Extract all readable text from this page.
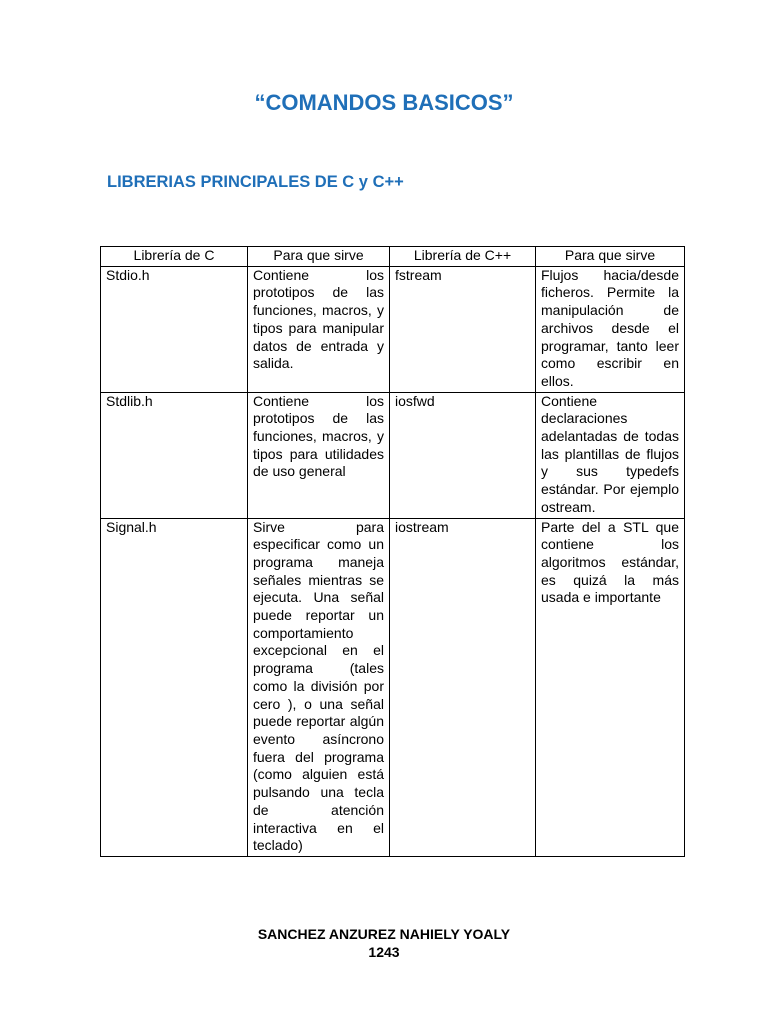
“COMANDOS BASICOS”
LIBRERIAS PRINCIPALES DE C y C++
Librería de C	Para que sirve	Librería de C++	Para que sirve
Stdio.h	Contiene los prototipos de las funciones, macros, y tipos para manipular datos de entrada y salida.	fstream	Flujos hacia/desde ficheros. Permite la manipulación de archivos desde el programar, tanto leer como escribir en ellos.
Stdlib.h	Contiene los prototipos de las funciones, macros, y tipos para utilidades de uso general	iosfwd	Contiene declaraciones adelantadas de todas las plantillas de flujos y sus typedefs estándar. Por ejemplo ostream.
Signal.h	Sirve para especificar como un programa maneja señales mientras se ejecuta. Una señal puede reportar un comportamiento excepcional en el programa (tales como la división por cero ), o una señal puede reportar algún evento asíncrono fuera del programa (como alguien está pulsando una tecla de atención interactiva en el teclado)	iostream	Parte del a STL que contiene los algoritmos estándar, es quizá la más usada e importante
SANCHEZ ANZUREZ NAHIELY YOALY
1243
